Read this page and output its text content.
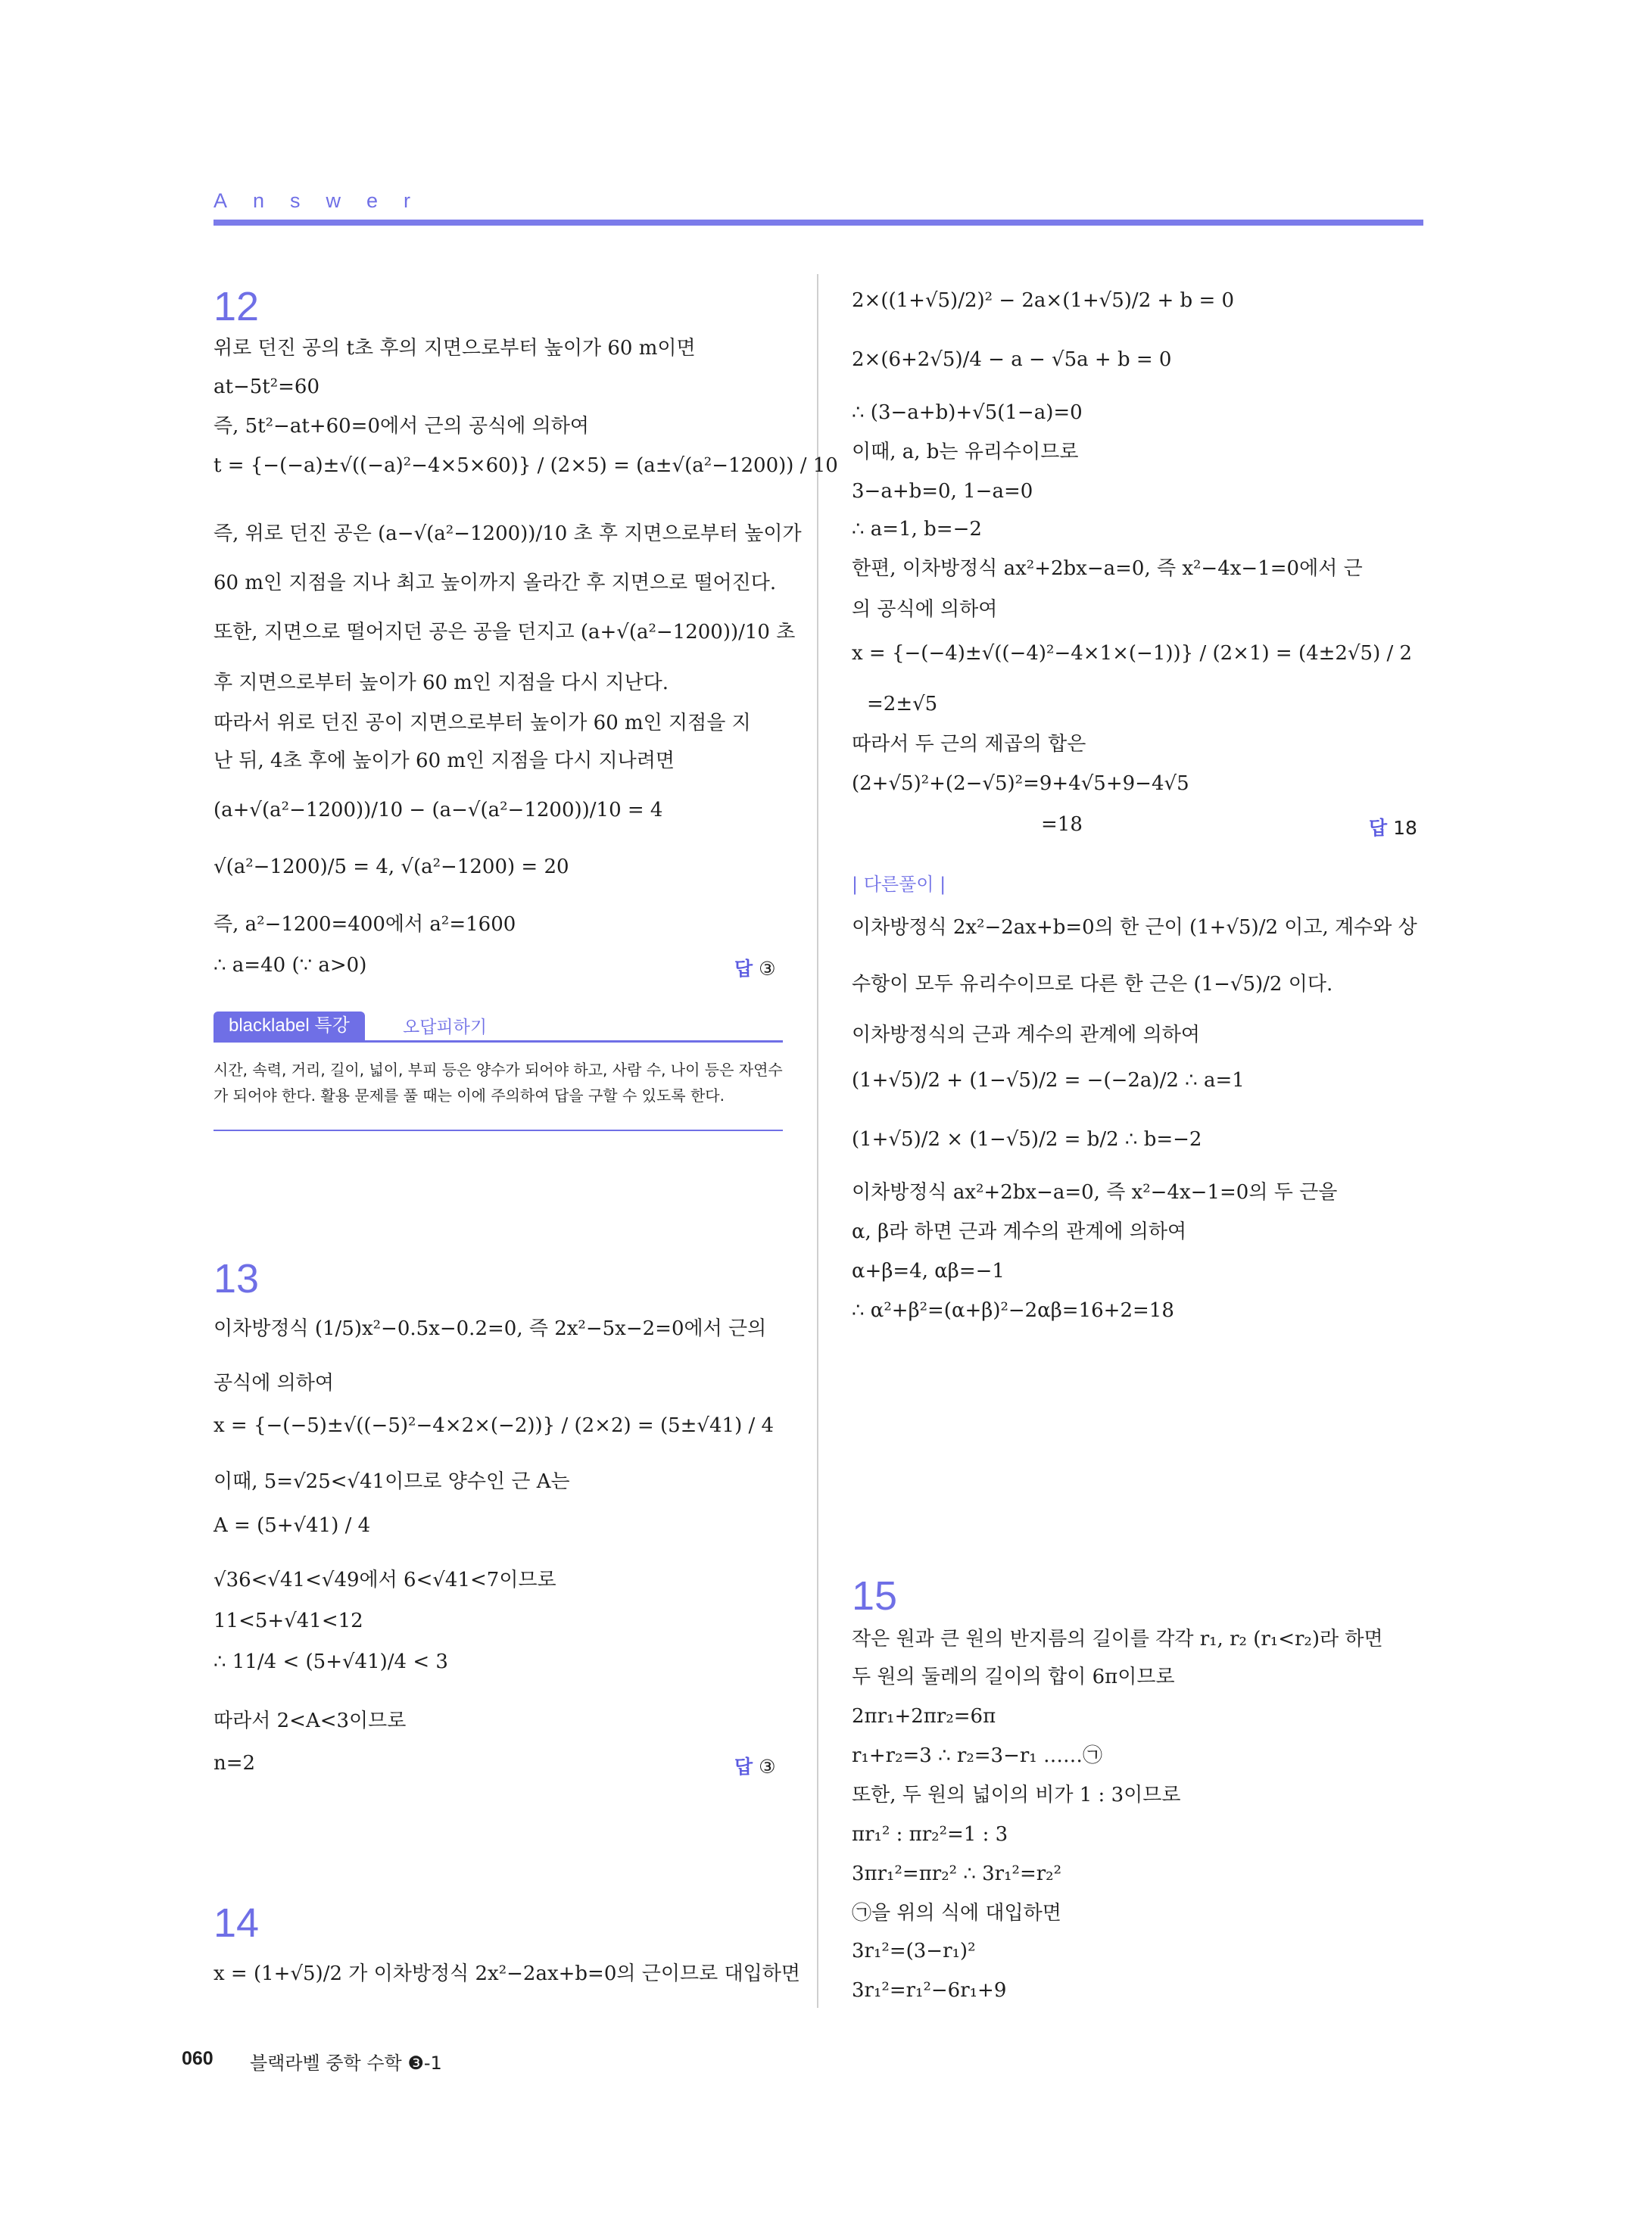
Answer
12
위로 던진 공의 t초 후의 지면으로부터 높이가 60 m이면
at−5t²=60
즉, 5t²−at+60=0에서 근의 공식에 의하여
t = {−(−a)±√((−a)²−4×5×60)} / (2×5) = (a±√(a²−1200)) / 10
즉, 위로 던진 공은 (a−√(a²−1200))/10 초 후 지면으로부터 높이가
60 m인 지점을 지나 최고 높이까지 올라간 후 지면으로 떨어진다.
또한, 지면으로 떨어지던 공은 공을 던지고 (a+√(a²−1200))/10 초
후 지면으로부터 높이가 60 m인 지점을 다시 지난다.
따라서 위로 던진 공이 지면으로부터 높이가 60 m인 지점을 지
난 뒤, 4초 후에 높이가 60 m인 지점을 다시 지나려면
(a+√(a²−1200))/10 − (a−√(a²−1200))/10 = 4
√(a²−1200)/5 = 4, √(a²−1200) = 20
즉, a²−1200=400에서 a²=1600
∴ a=40 (∵ a>0)	답 ③
blacklabel 특강	오답피하기
시간, 속력, 거리, 길이, 넓이, 부피 등은 양수가 되어야 하고, 사람 수, 나이 등은 자연수가 되어야 한다. 활용 문제를 풀 때는 이에 주의하여 답을 구할 수 있도록 한다.
13
이차방정식 (1/5)x²−0.5x−0.2=0, 즉 2x²−5x−2=0에서 근의
공식에 의하여
x = {−(−5)±√((−5)²−4×2×(−2))} / (2×2) = (5±√41) / 4
이때, 5=√25<√41이므로 양수인 근 A는
A = (5+√41) / 4
√36<√41<√49에서 6<√41<7이므로
11<5+√41<12
∴ 11/4 < (5+√41)/4 < 3
따라서 2<A<3이므로
n=2	답 ③
14
x = (1+√5)/2 가 이차방정식 2x²−2ax+b=0의 근이므로 대입하면
2×((1+√5)/2)² − 2a×(1+√5)/2 + b = 0
2×(6+2√5)/4 − a − √5a + b = 0
∴ (3−a+b)+√5(1−a)=0
이때, a, b는 유리수이므로
3−a+b=0, 1−a=0
∴ a=1, b=−2
한편, 이차방정식 ax²+2bx−a=0, 즉 x²−4x−1=0에서 근
의 공식에 의하여
x = {−(−4)±√((−4)²−4×1×(−1))} / (2×1) = (4±2√5) / 2
=2±√5
따라서 두 근의 제곱의 합은
(2+√5)²+(2−√5)²=9+4√5+9−4√5
=18	답 18
| 다른풀이 |
이차방정식 2x²−2ax+b=0의 한 근이 (1+√5)/2 이고, 계수와 상
수항이 모두 유리수이므로 다른 한 근은 (1−√5)/2 이다.
이차방정식의 근과 계수의 관계에 의하여
(1+√5)/2 + (1−√5)/2 = −(−2a)/2 ∴ a=1
(1+√5)/2 × (1−√5)/2 = b/2 ∴ b=−2
이차방정식 ax²+2bx−a=0, 즉 x²−4x−1=0의 두 근을
α, β라 하면 근과 계수의 관계에 의하여
α+β=4, αβ=−1
∴ α²+β²=(α+β)²−2αβ=16+2=18
15
작은 원과 큰 원의 반지름의 길이를 각각 r₁, r₂ (r₁<r₂)라 하면
두 원의 둘레의 길이의 합이 6π이므로
2πr₁+2πr₂=6π
r₁+r₂=3 ∴ r₂=3−r₁ ……㉠
또한, 두 원의 넓이의 비가 1 : 3이므로
πr₁² : πr₂²=1 : 3
3πr₁²=πr₂² ∴ 3r₁²=r₂²
㉠을 위의 식에 대입하면
3r₁²=(3−r₁)²
3r₁²=r₁²−6r₁+9
060 블랙라벨 중학 수학 ❸-1
